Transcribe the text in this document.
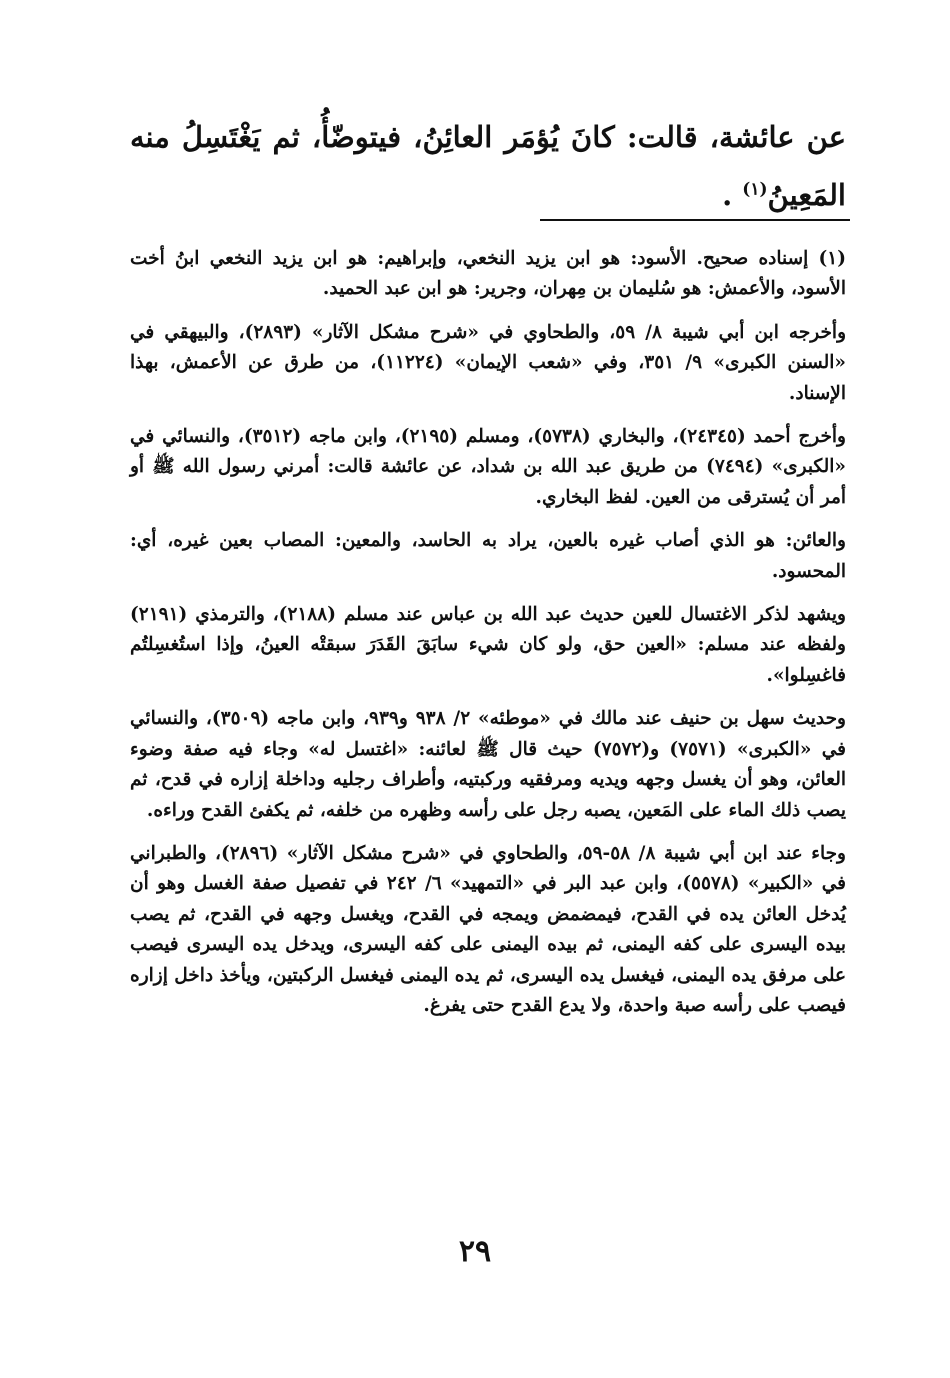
عن عائشة، قالت: كانَ يُؤمَر العائِنُ، فيتوضّأُ، ثم يَغْتَسِلُ منه المَعِينُ$^{(١)}$ .

(١) إسناده صحيح. الأسود: هو ابن يزيد النخعي، وإبراهيم: هو ابن يزيد النخعي ابنُ أخت الأسود، والأعمش: هو سُليمان بن مِهران، وجرير: هو ابن عبد الحميد.

وأخرجه ابن أبي شيبة ٨/ ٥٩، والطحاوي في «شرح مشكل الآثار» (٢٨٩٣)، والبيهقي في «السنن الكبرى» ٩/ ٣٥١، وفي «شعب الإيمان» (١١٢٢٤)، من طرق عن الأعمش، بهذا الإسناد.

وأخرج أحمد (٢٤٣٤٥)، والبخاري (٥٧٣٨)، ومسلم (٢١٩٥)، وابن ماجه (٣٥١٢)، والنسائي في «الكبرى» (٧٤٩٤) من طريق عبد الله بن شداد، عن عائشة قالت: أمرني رسول الله ﷺ أو أمر أن يُسترقى من العين. لفظ البخاري.

والعائن: هو الذي أصاب غيره بالعين، يراد به الحاسد، والمعين: المصاب بعين غيره، أي: المحسود.

ويشهد لذكر الاغتسال للعين حديث عبد الله بن عباس عند مسلم (٢١٨٨)، والترمذي (٢١٩١) ولفظه عند مسلم: «العين حق، ولو كان شيء سابَقَ القَدَرَ سبقتْه العينُ، وإذا استُغسِلتُم فاغسِلوا».

وحديث سهل بن حنيف عند مالك في «موطئه» ٢/ ٩٣٨ و٩٣٩، وابن ماجه (٣٥٠٩)، والنسائي في «الكبرى» (٧٥٧١) و(٧٥٧٢) حيث قال ﷺ لعائنه: «اغتسل له» وجاء فيه صفة وضوء العائن، وهو أن يغسل وجهه ويديه ومرفقيه وركبتيه، وأطراف رجليه وداخلة إزاره في قدح، ثم يصب ذلك الماء على المَعين، يصبه رجل على رأسه وظهره من خلفه، ثم يكفئ القدح وراءه.

وجاء عند ابن أبي شيبة ٨/ ٥٨-٥٩، والطحاوي في «شرح مشكل الآثار» (٢٨٩٦)، والطبراني في «الكبير» (٥٥٧٨)، وابن عبد البر في «التمهيد» ٦/ ٢٤٢ في تفصيل صفة الغسل وهو أن يُدخل العائن يده في القدح، فيمضمض ويمجه في القدح، ويغسل وجهه في القدح، ثم يصب بيده اليسرى على كفه اليمنى، ثم بيده اليمنى على كفه اليسرى، ويدخل يده اليسرى فيصب على مرفق يده اليمنى، فيغسل يده اليسرى، ثم يده اليمنى فيغسل الركبتين، ويأخذ داخل إزاره فيصب على رأسه صبة واحدة، ولا يدع القدح حتى يفرغ.

٢٩
